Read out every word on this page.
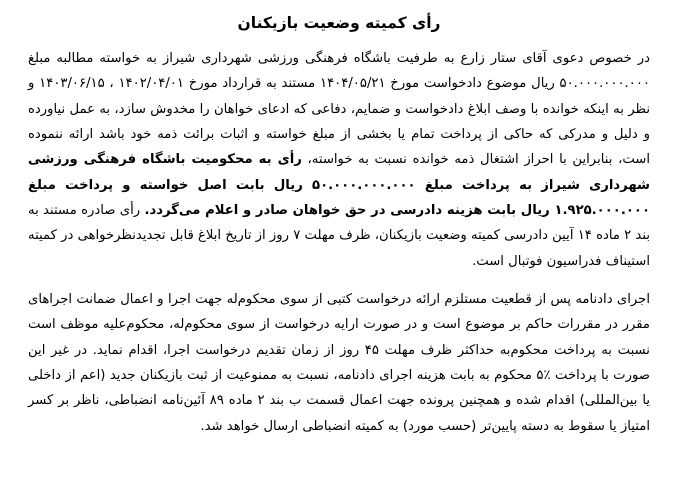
رأی کمیته وضعیت بازیکنان

در خصوص دعوی آقای ستار زارع به طرفیت باشگاه فرهنگی ورزشی شهرداری شیراز به خواسته مطالبه مبلغ ۵۰.۰۰۰.۰۰۰.۰۰۰ ریال موضوع دادخواست مورخ ۱۴۰۴/۰۵/۲۱ مستند به قرارداد مورخ ۱۴۰۲/۰۴/۰۱ ، ۱۴۰۳/۰۶/۱۵ و نظر به اینکه خوانده با وصف ابلاغ دادخواست و ضمایم، دفاعی که ادعای خواهان را مخدوش سازد، به عمل نیاورده و دلیل و مدرکی که حاکی از پرداخت تمام یا بخشی از مبلغ خواسته و اثبات برائت ذمه خود باشد ارائه ننموده است، بنابراین با احراز اشتغال ذمه خوانده نسبت به خواسته، رأی به محکومیت باشگاه فرهنگی ورزشی شهرداری شیراز به پرداخت مبلغ ۵۰.۰۰۰.۰۰۰.۰۰۰ ریال بابت اصل خواسته و پرداخت مبلغ ۱.۹۲۵.۰۰۰.۰۰۰ ریال بابت هزینه دادرسی در حق خواهان صادر و اعلام می‌گردد. رأی صادره مستند به بند ۲ ماده ۱۴ آیین دادرسی کمیته وضعیت بازیکنان، ظرف مهلت ۷ روز از تاریخ ابلاغ قابل تجدیدنظرخواهی در کمیته استیناف فدراسیون فوتبال است.

اجرای دادنامه پس از قطعیت مستلزم ارائه درخواست کتبی از سوی محکوم‌له جهت اجرا و اعمال ضمانت اجراهای مقرر در مقررات حاکم بر موضوع است و در صورت ارایه درخواست از سوی محکوم‌له، محکوم‌علیه موظف است نسبت به پرداخت محکوم‌به حداکثر ظرف مهلت ۴۵ روز از زمان تقدیم درخواست اجرا، اقدام نماید. در غیر این صورت با پرداخت ٪۵ محکوم به بابت هزینه اجرای دادنامه، نسبت به ممنوعیت از ثبت بازیکنان جدید (اعم از داخلی یا بین‌المللی) اقدام شده و همچنین پرونده جهت اعمال قسمت ب بند ۲ ماده ۸۹ آئین‌نامه انضباطی، ناظر بر کسر امتیاز یا سقوط به دسته پایین‌تر (حسب مورد) به کمیته انضباطی ارسال خواهد شد.
